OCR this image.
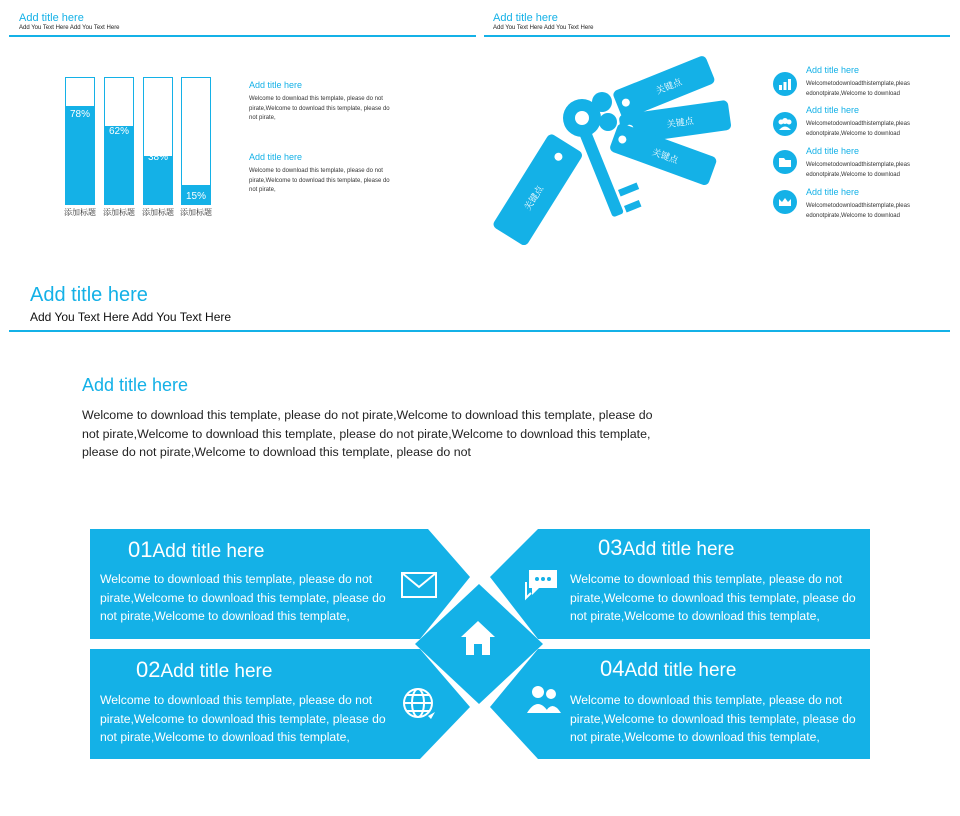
Add title here
Add You Text Here Add You Text Here
78%
62%
38%
15%
添加标题 添加标题 添加标题 添加标题
Add title here
Welcome to download this template, please do not pirate,Welcome to download this template, please do not pirate,
Add title here
Welcome to download this template, please do not pirate,Welcome to download this template, please do not pirate,
Add title here
Add You Text Here Add You Text Here
关键点
关键点
关键点
关键点
Add title here
Welcometodownloadthistemplate,pleas edonotpirate,Welcome to download
Add title here
Welcometodownloadthistemplate,pleas edonotpirate,Welcome to download
Add title here
Welcometodownloadthistemplate,pleas edonotpirate,Welcome to download
Add title here
Welcometodownloadthistemplate,pleas edonotpirate,Welcome to download
Add title here
Add You Text Here Add You Text Here
Add title here
Welcome to download this template, please do not pirate,Welcome to download this template, please do not pirate,Welcome to download this template, please do not pirate,Welcome to download this template, please do not pirate,Welcome to download this template, please do not
01Add title here
Welcome to download this template, please do not pirate,Welcome to download this template, please do not pirate,Welcome to download this template,
02Add title here
Welcome to download this template, please do not pirate,Welcome to download this template, please do not pirate,Welcome to download this template,
03Add title here
Welcome to download this template, please do not pirate,Welcome to download this template, please do not pirate,Welcome to download this template,
04Add title here
Welcome to download this template, please do not pirate,Welcome to download this template, please do not pirate,Welcome to download this template,
